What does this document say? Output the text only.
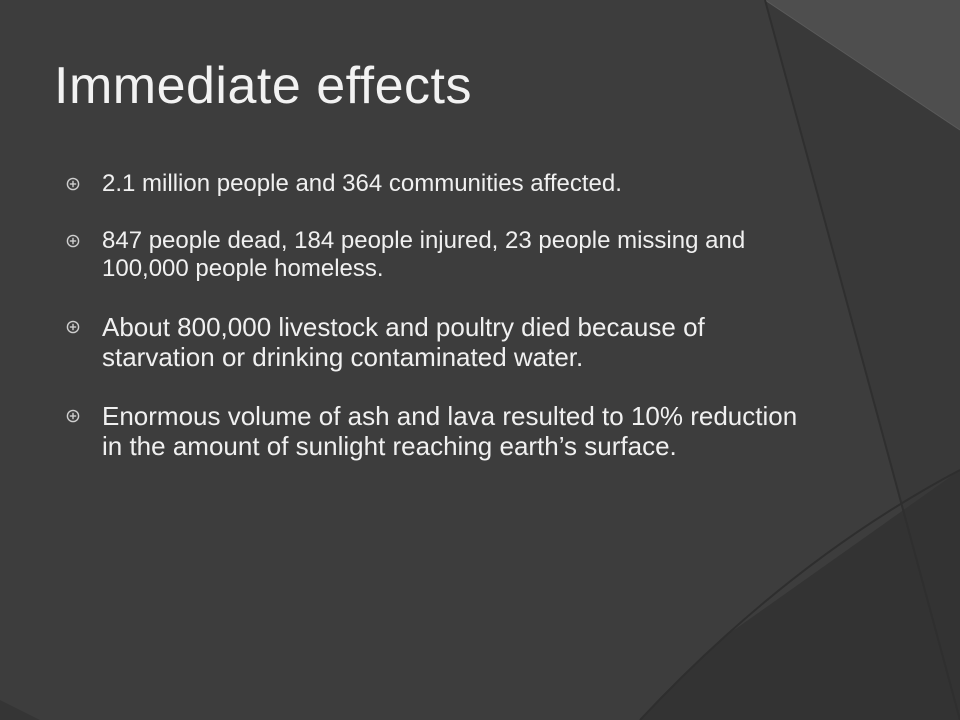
Immediate effects
2.1 million people and 364 communities affected.
847 people dead, 184 people injured, 23 people missing and 100,000 people homeless.
About 800,000 livestock and poultry died because of starvation or drinking contaminated water.
Enormous volume of ash and lava resulted to 10% reduction in the amount of sunlight reaching earth’s surface.
